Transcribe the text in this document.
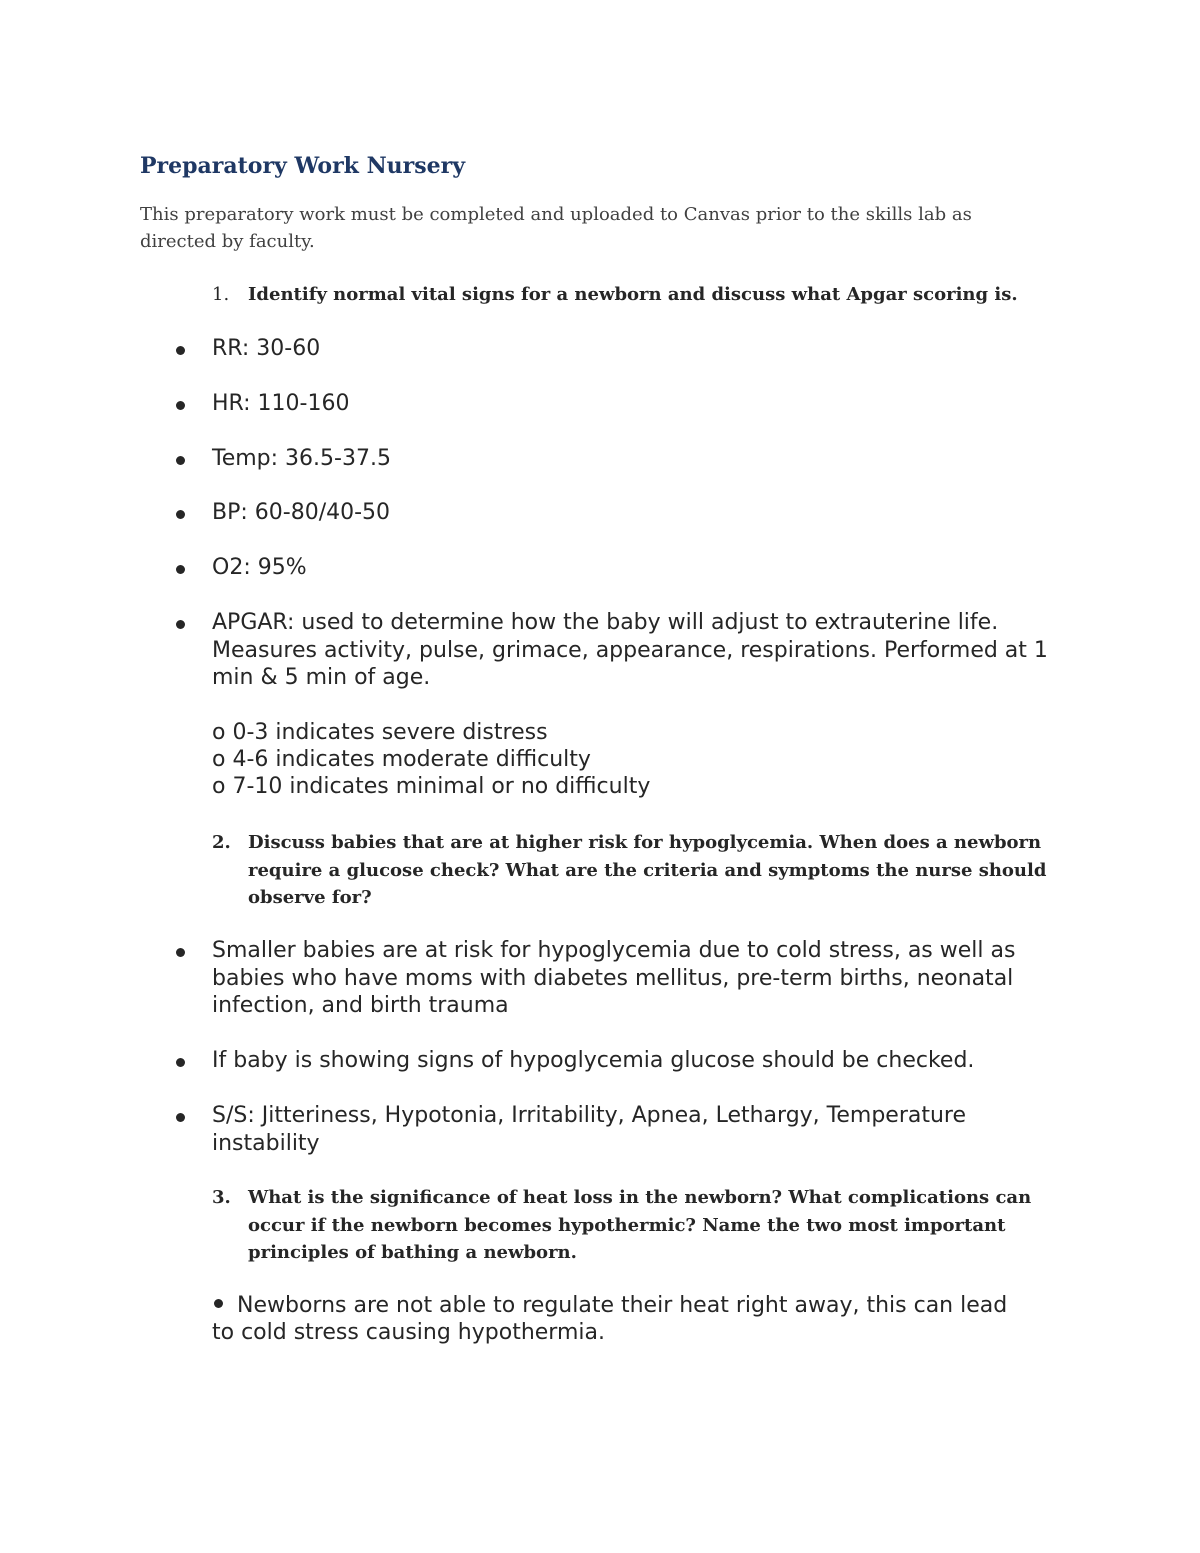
Preparatory Work Nursery

This preparatory work must be completed and uploaded to Canvas prior to the skills lab as directed by faculty.

1. Identify normal vital signs for a newborn and discuss what Apgar scoring is.
RR: 30-60
HR: 110-160
Temp: 36.5-37.5
BP: 60-80/40-50
O2: 95%
APGAR: used to determine how the baby will adjust to extrauterine life. Measures activity, pulse, grimace, appearance, respirations. Performed at 1 min & 5 min of age.
o 0-3 indicates severe distress
o 4-6 indicates moderate difficulty
o 7-10 indicates minimal or no difficulty
2. Discuss babies that are at higher risk for hypoglycemia. When does a newborn require a glucose check? What are the criteria and symptoms the nurse should observe for?
Smaller babies are at risk for hypoglycemia due to cold stress, as well as babies who have moms with diabetes mellitus, pre-term births, neonatal infection, and birth trauma
If baby is showing signs of hypoglycemia glucose should be checked.
S/S: Jitteriness, Hypotonia, Irritability, Apnea, Lethargy, Temperature instability
3. What is the significance of heat loss in the newborn? What complications can occur if the newborn becomes hypothermic? Name the two most important principles of bathing a newborn.
Newborns are not able to regulate their heat right away, this can lead to cold stress causing hypothermia.
